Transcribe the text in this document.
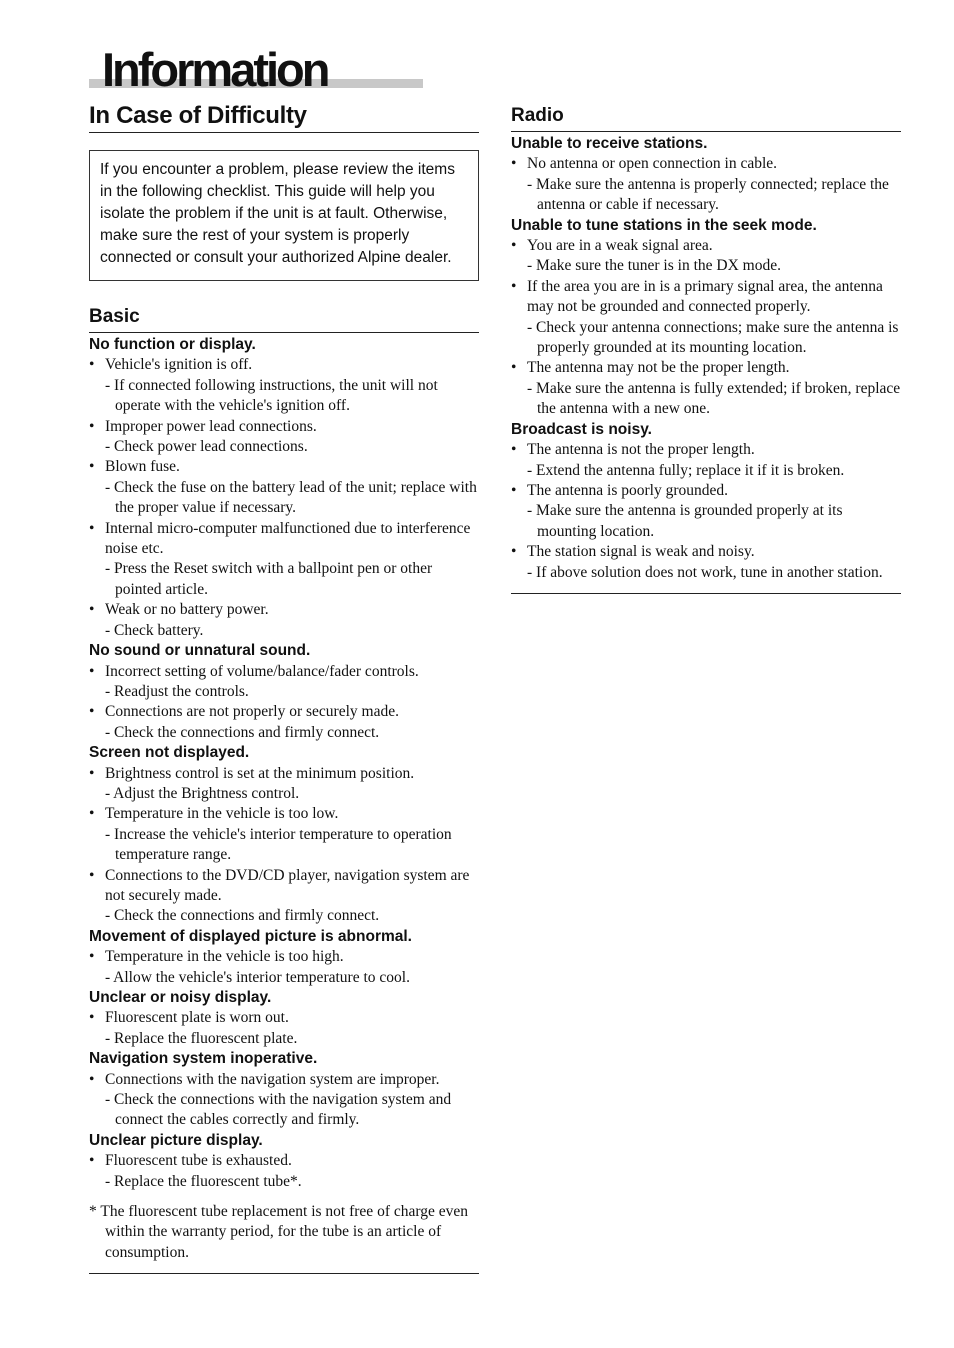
Information
In Case of Difficulty
If you encounter a problem, please review the items in the following checklist. This guide will help you isolate the problem if the unit is at fault. Otherwise, make sure the rest of your system is properly connected or consult your authorized Alpine dealer.
Basic

No function or display.

• Vehicle's ignition is off.

- If connected following instructions, the unit will not operate with the vehicle's ignition off.

• Improper power lead connections.

- Check power lead connections.

• Blown fuse.

- Check the fuse on the battery lead of the unit; replace with the proper value if necessary.

• Internal micro-computer malfunctioned due to interference noise etc.

- Press the Reset switch with a ballpoint pen or other pointed article.

• Weak or no battery power.

- Check battery.

No sound or unnatural sound.

• Incorrect setting of volume/balance/fader controls.

- Readjust the controls.

• Connections are not properly or securely made.

- Check the connections and firmly connect.

Screen not displayed.

• Brightness control is set at the minimum position.

- Adjust the Brightness control.

• Temperature in the vehicle is too low.

- Increase the vehicle's interior temperature to operation temperature range.

• Connections to the DVD/CD player, navigation system are not securely made.

- Check the connections and firmly connect.

Movement of displayed picture is abnormal.

• Temperature in the vehicle is too high.

- Allow the vehicle's interior temperature to cool.

Unclear or noisy display.

• Fluorescent plate is worn out.

- Replace the fluorescent plate.

Navigation system inoperative.

• Connections with the navigation system are improper.

- Check the connections with the navigation system and connect the cables correctly and firmly.

Unclear picture display.

• Fluorescent tube is exhausted.

- Replace the fluorescent tube*.

* The fluorescent tube replacement is not free of charge even within the warranty period, for the tube is an article of consumption.

Radio

Unable to receive stations.

• No antenna or open connection in cable.

- Make sure the antenna is properly connected; replace the antenna or cable if necessary.

Unable to tune stations in the seek mode.

• You are in a weak signal area.

- Make sure the tuner is in the DX mode.

• If the area you are in is a primary signal area, the antenna may not be grounded and connected properly.

- Check your antenna connections; make sure the antenna is properly grounded at its mounting location.

• The antenna may not be the proper length.

- Make sure the antenna is fully extended; if broken, replace the antenna with a new one.

Broadcast is noisy.

• The antenna is not the proper length.

- Extend the antenna fully; replace it if it is broken.

• The antenna is poorly grounded.

- Make sure the antenna is grounded properly at its mounting location.

• The station signal is weak and noisy.

- If above solution does not work, tune in another station.
